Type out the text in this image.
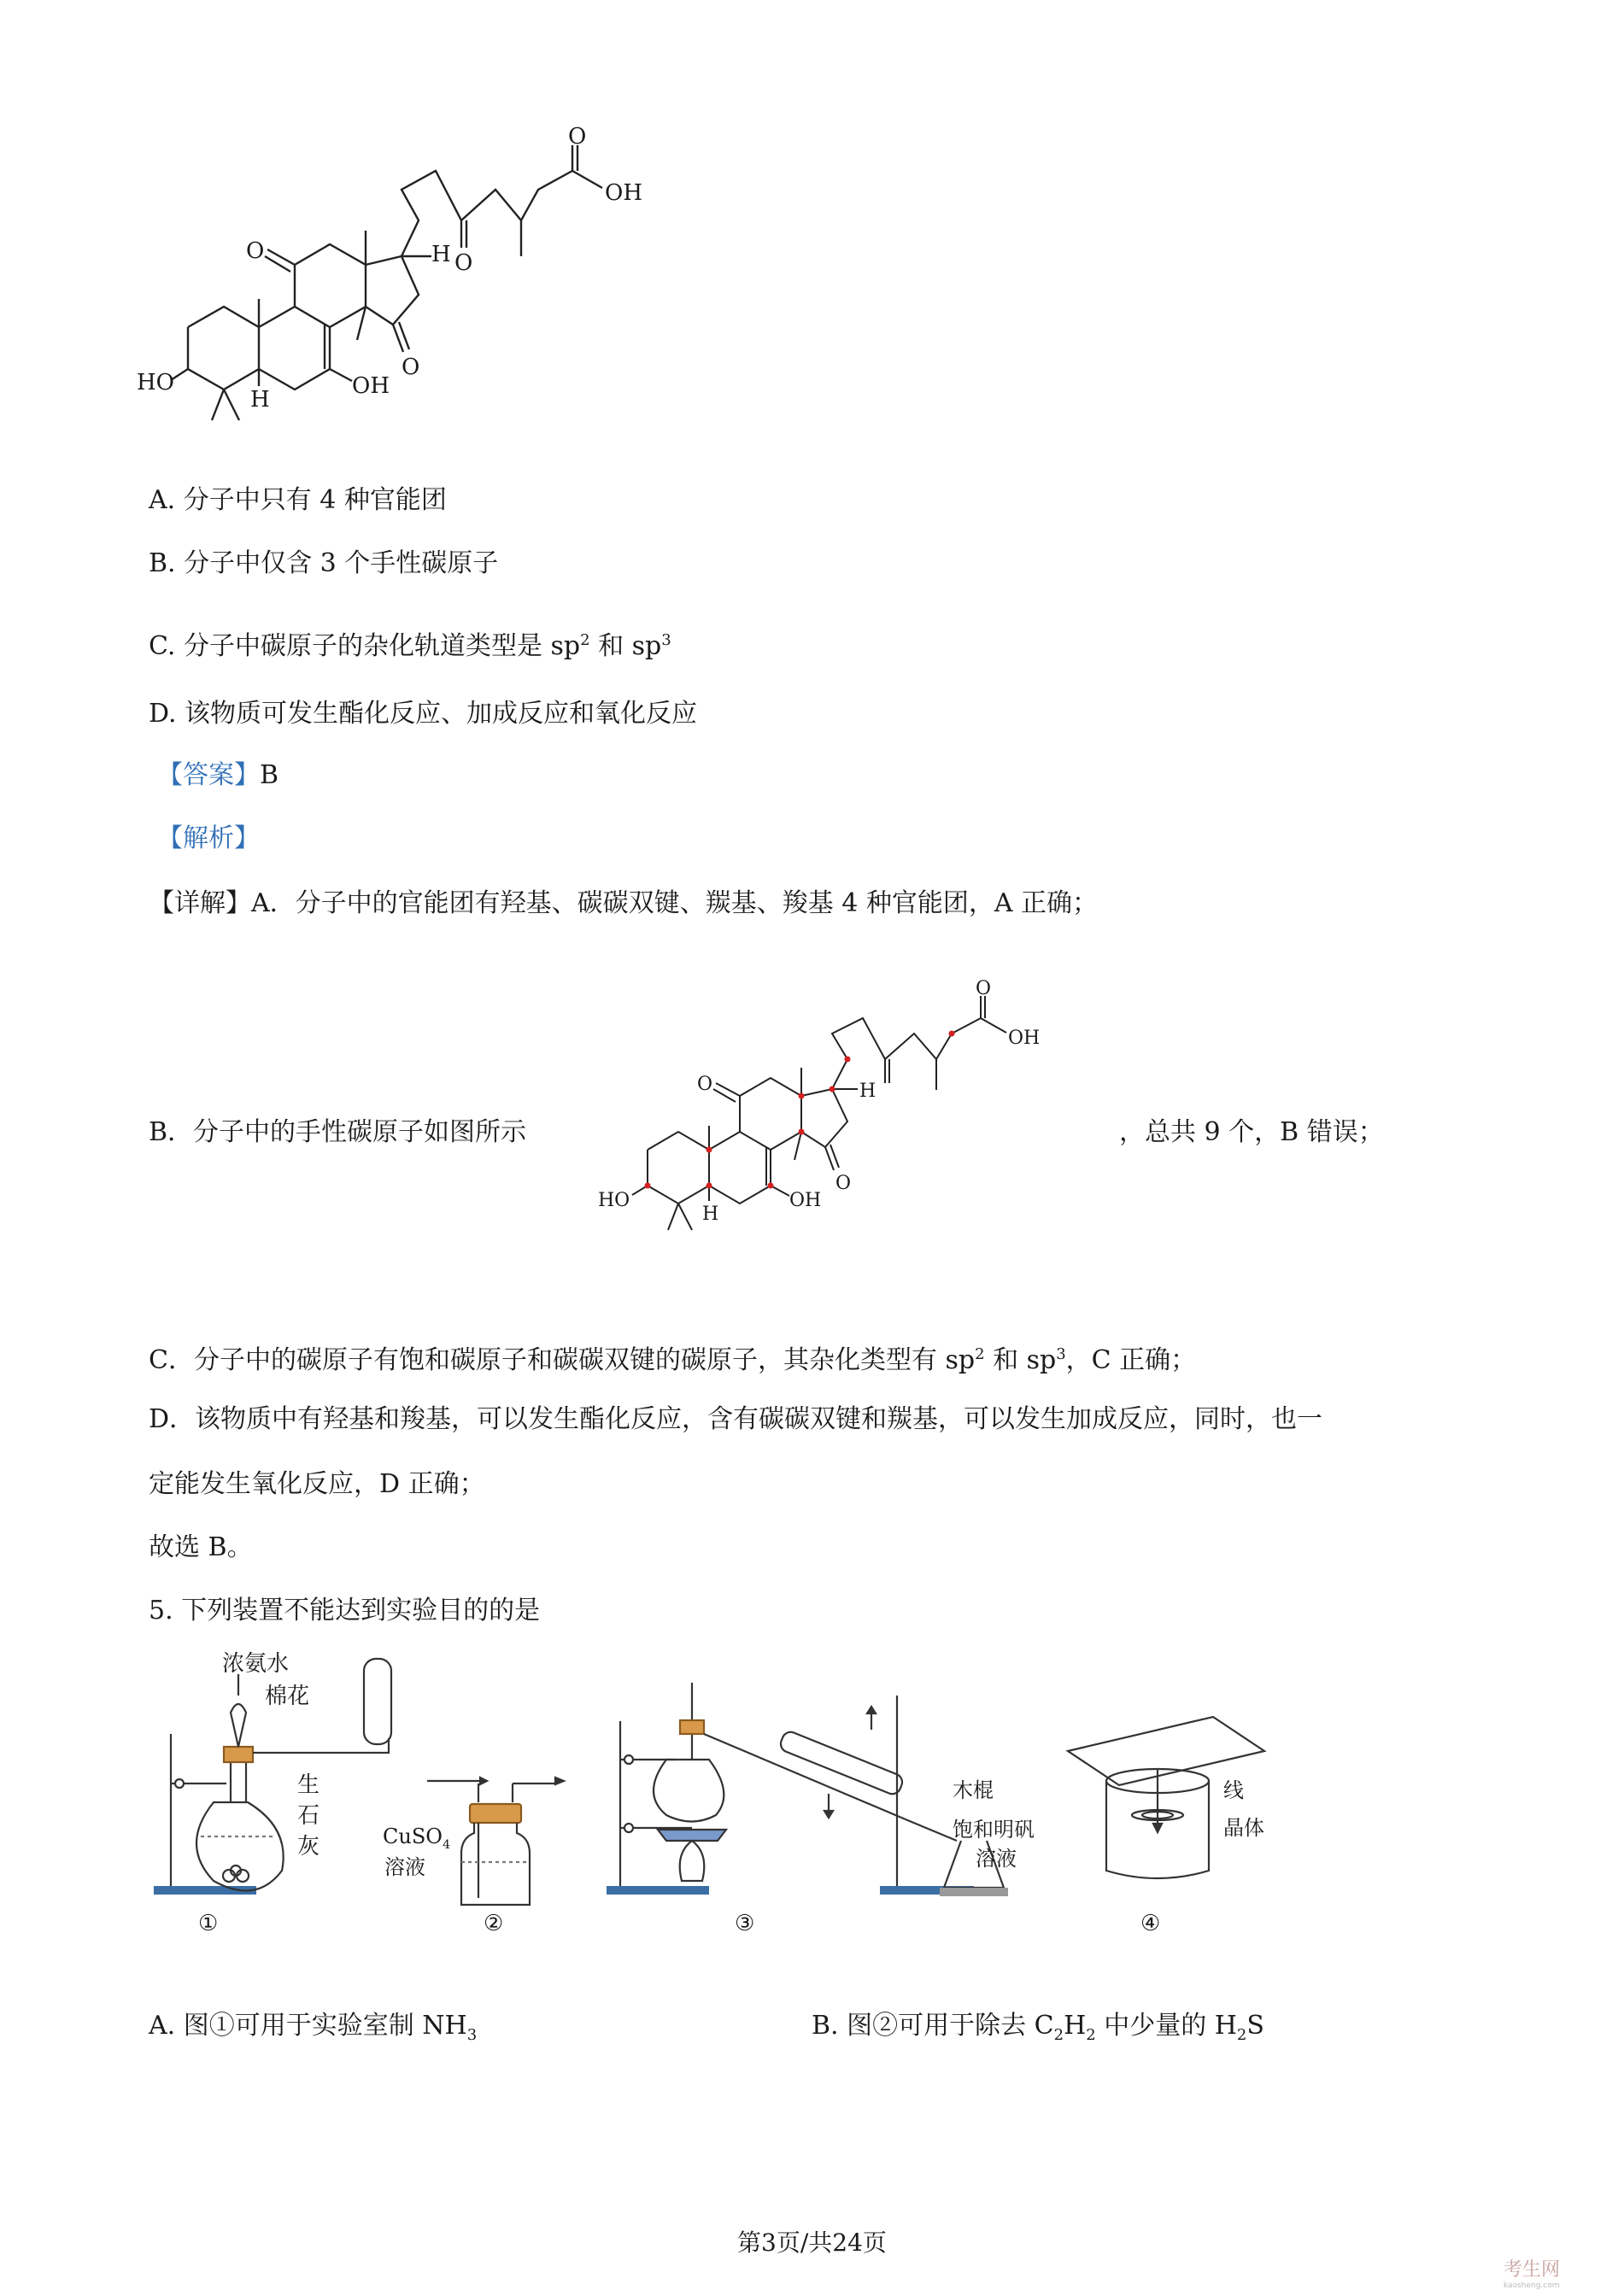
O
OH
H O
O
O
HO
H
OH
A. 分子中只有 4 种官能团
B. 分子中仅含 3 个手性碳原子
C. 分子中碳原子的杂化轨道类型是 $sp^2$ 和 $sp^3$
D. 该物质可发生酯化反应、加成反应和氧化反应
【答案】B
【解析】
【详解】A．分子中的官能团有羟基、碳碳双键、羰基、羧基 4 种官能团，A 正确；
B．分子中的手性碳原子如图所示	，总共 9 个，B 错误；
O
OH
H
O
O
HO
H
OH
C．分子中的碳原子有饱和碳原子和碳碳双键的碳原子，其杂化类型有 $sp^2$ 和 $sp^3$，C 正确；
D．该物质中有羟基和羧基，可以发生酯化反应，含有碳碳双键和羰基，可以发生加成反应，同时，也一
定能发生氧化反应，D 正确；
故选 B。
5. 下列装置不能达到实验目的的是
浓氨水
棉花
生
石
灰
①
CuSO$_4$
溶液
②	③
木棍	线
饱和明矾	晶体
溶液
④
A. 图①可用于实验室制 $NH_3$	B. 图②可用于除去 $C_2H_2$ 中少量的 $H_2S$
第3页/共24页
考生网
kaosheng.com
